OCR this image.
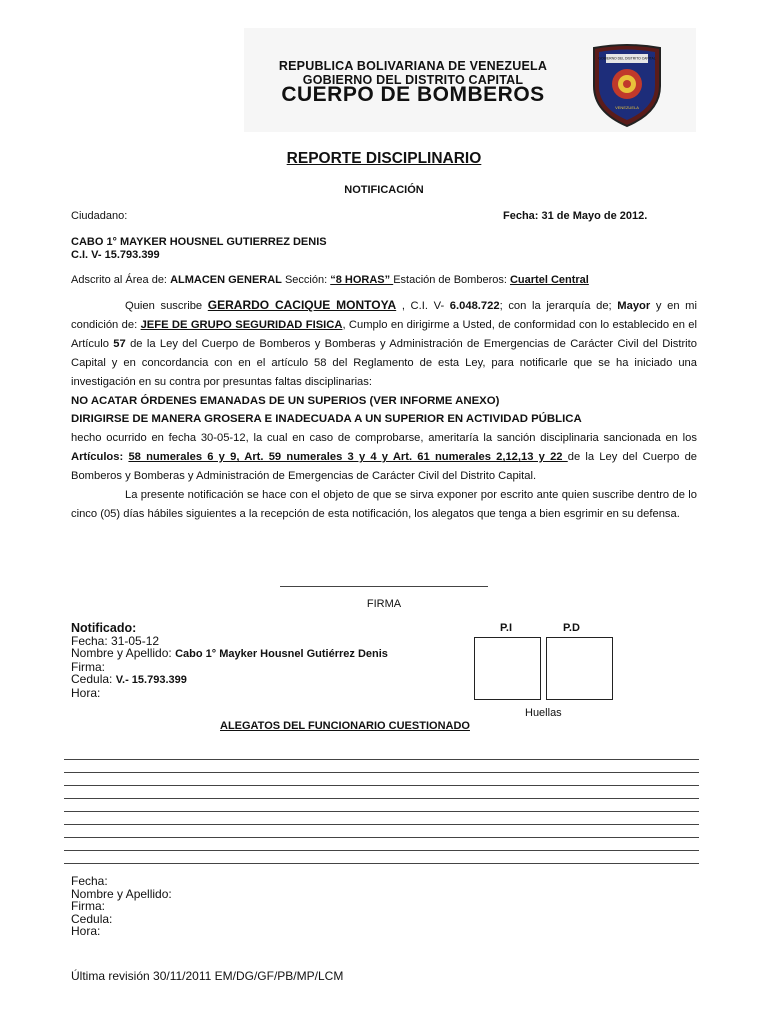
REPUBLICA BOLIVARIANA DE VENEZUELA
GOBIERNO DEL DISTRITO CAPITAL
CUERPO DE BOMBEROS
GOBIERNO DEL DISTRITO CAPITAL
VENEZUELA
REPORTE DISCIPLINARIO
NOTIFICACIÓN
Ciudadano:	Fecha: 31 de Mayo de 2012.
CABO 1° MAYKER HOUSNEL GUTIERREZ DENIS
C.I. V- 15.793.399
Adscrito al Área de: ALMACEN GENERAL Sección: “8 HORAS” Estación de Bomberos: Cuartel Central

Quien suscribe GERARDO CACIQUE MONTOYA , C.I. V- 6.048.722; con la jerarquía de; Mayor y en mi condición de: JEFE DE GRUPO SEGURIDAD FISICA, Cumplo en dirigirme a Usted, de conformidad con lo establecido en el Artículo 57 de la Ley del Cuerpo de Bomberos y Bomberas y Administración de Emergencias de Carácter Civil del Distrito Capital y en concordancia con en el artículo 58 del Reglamento de esta Ley, para notificarle que se ha iniciado una investigación en su contra por presuntas faltas disciplinarias:

NO ACATAR ÓRDENES EMANADAS DE UN SUPERIOS (VER INFORME ANEXO)

DIRIGIRSE DE MANERA GROSERA E INADECUADA A UN SUPERIOR EN ACTIVIDAD PÚBLICA

hecho ocurrido en fecha 30-05-12, la cual en caso de comprobarse, ameritaría la sanción disciplinaria sancionada en los Artículos: 58 numerales 6 y 9, Art. 59 numerales 3 y 4 y Art. 61 numerales 2,12,13 y 22 de la Ley del Cuerpo de Bomberos y Bomberas y Administración de Emergencias de Carácter Civil del Distrito Capital.

La presente notificación se hace con el objeto de que se sirva exponer por escrito ante quien suscribe dentro de lo cinco (05) días hábiles siguientes a la recepción de esta notificación, los alegatos que tenga a bien esgrimir en su defensa.

FIRMA
Notificado:
Fecha: 31-05-12
Nombre y Apellido: Cabo 1° Mayker Housnel Gutiérrez Denis
Firma:
Cedula: V.- 15.793.399
Hora:
P.I	P.D
Huellas
ALEGATOS DEL FUNCIONARIO CUESTIONADO
Fecha:
Nombre y Apellido:
Firma:
Cedula:
Hora:
Última revisión 30/11/2011 EM/DG/GF/PB/MP/LCM
